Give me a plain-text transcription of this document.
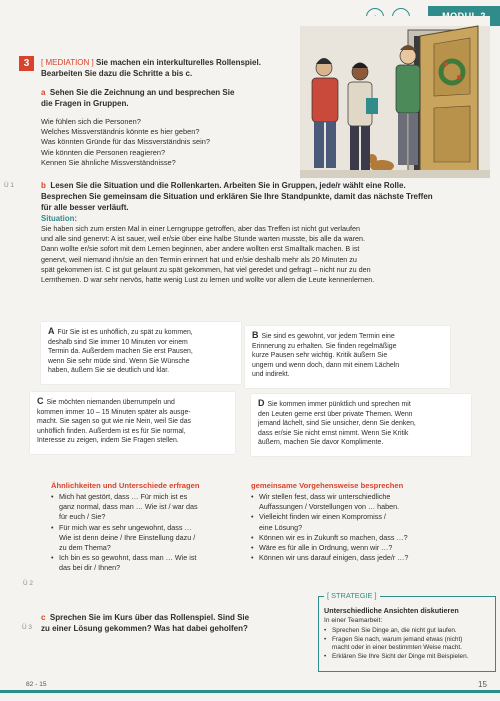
3	[ MEDIATION ] Sie machen ein interkulturelles Rollenspiel.
Bearbeiten Sie dazu die Schritte a bis c.
a Sehen Sie die Zeichnung an und besprechen Sie
die Fragen in Gruppen.
Wie fühlen sich die Personen?
Welches Missverständnis könnte es hier geben?
Was könnten Gründe für das Missverständnis sein?
Wie könnten die Personen reagieren?
Kennen Sie ähnliche Missverständnisse?
Ü 1	b Lesen Sie die Situation und die Rollenkarten. Arbeiten Sie in Gruppen, jede/r wählt eine Rolle.
Besprechen Sie gemeinsam die Situation und erklären Sie Ihre Standpunkte, damit das nächste Treffen
für alle besser verläuft.
Situation:
Sie haben sich zum ersten Mal in einer Lerngruppe getroffen, aber das Treffen ist nicht gut verlaufen
und alle sind genervt: A ist sauer, weil er/sie über eine halbe Stunde warten musste, bis alle da waren.
Dann wollte er/sie sofort mit dem Lernen beginnen, aber andere wollten erst Smalltalk machen. B ist
genervt, weil niemand ihn/sie an den Termin erinnert hat und er/sie deshalb mehr als 20 Minuten zu
spät gekommen ist. C ist gut gelaunt zu spät gekommen, hat viel geredet und gefragt – nicht nur zu den
Lernthemen. D war sehr nervös, hatte wenig Lust zu lernen und wollte vor allem die Leute kennenlernen.
A Für Sie ist es unhöflich, zu spät zu kommen,
deshalb sind Sie immer 10 Minuten vor einem
Termin da. Außerdem machen Sie erst Pausen,
wenn Sie sehr müde sind. Wenn Sie Wünsche
haben, äußern Sie sie deutlich und klar.
B Sie sind es gewohnt, vor jedem Termin eine
Erinnerung zu erhalten. Sie finden regelmäßige
kurze Pausen sehr wichtig. Kritik äußern Sie
ungern und wenn doch, dann mit einem Lächeln
und indirekt.
C Sie möchten niemanden überrumpeln und
kommen immer 10 – 15 Minuten später als ausge-
macht. Sie sagen so gut wie nie Nein, weil Sie das
unhöflich finden. Außerdem ist es für Sie normal,
Interesse zu zeigen, indem Sie Fragen stellen.
D Sie kommen immer pünktlich und sprechen mit
den Leuten gerne erst über private Themen. Wenn
jemand lächelt, sind Sie unsicher, denn Sie denken,
dass er/sie Sie nicht ernst nimmt. Wenn Sie Kritik
äußern, machen Sie davor Komplimente.
Ähnlichkeiten und Unterschiede erfragen
• Mich hat gestört, dass … Für mich ist es
ganz normal, dass man … Wie ist / war das
für euch / Sie?
• Für mich war es sehr ungewohnt, dass …
Wie ist denn deine / Ihre Einstellung dazu /
zu dem Thema?
• Ich bin es so gewohnt, dass man … Wie ist
das bei dir / Ihnen?
gemeinsame Vorgehensweise besprechen
• Wir stellen fest, dass wir unterschiedliche
Auffassungen / Vorstellungen von … haben.
• Vielleicht finden wir einen Kompromiss /
eine Lösung?
• Können wir es in Zukunft so machen, dass …?
• Wäre es für alle in Ordnung, wenn wir …?
• Können wir uns darauf einigen, dass jede/r …?
Ü 2
Ü 3
c Sprechen Sie im Kurs über das Rollenspiel. Sind Sie
zu einer Lösung gekommen? Was hat dabei geholfen?
[ STRATEGIE ]
Unterschiedliche Ansichten diskutieren
In einer Teamarbeit:
• Sprechen Sie Dinge an, die nicht gut laufen.
• Fragen Sie nach, warum jemand etwas (nicht)
macht oder in einer bestimmten Weise macht.
• Erklären Sie Ihre Sicht der Dinge mit Beispielen.
82 - 15	15
